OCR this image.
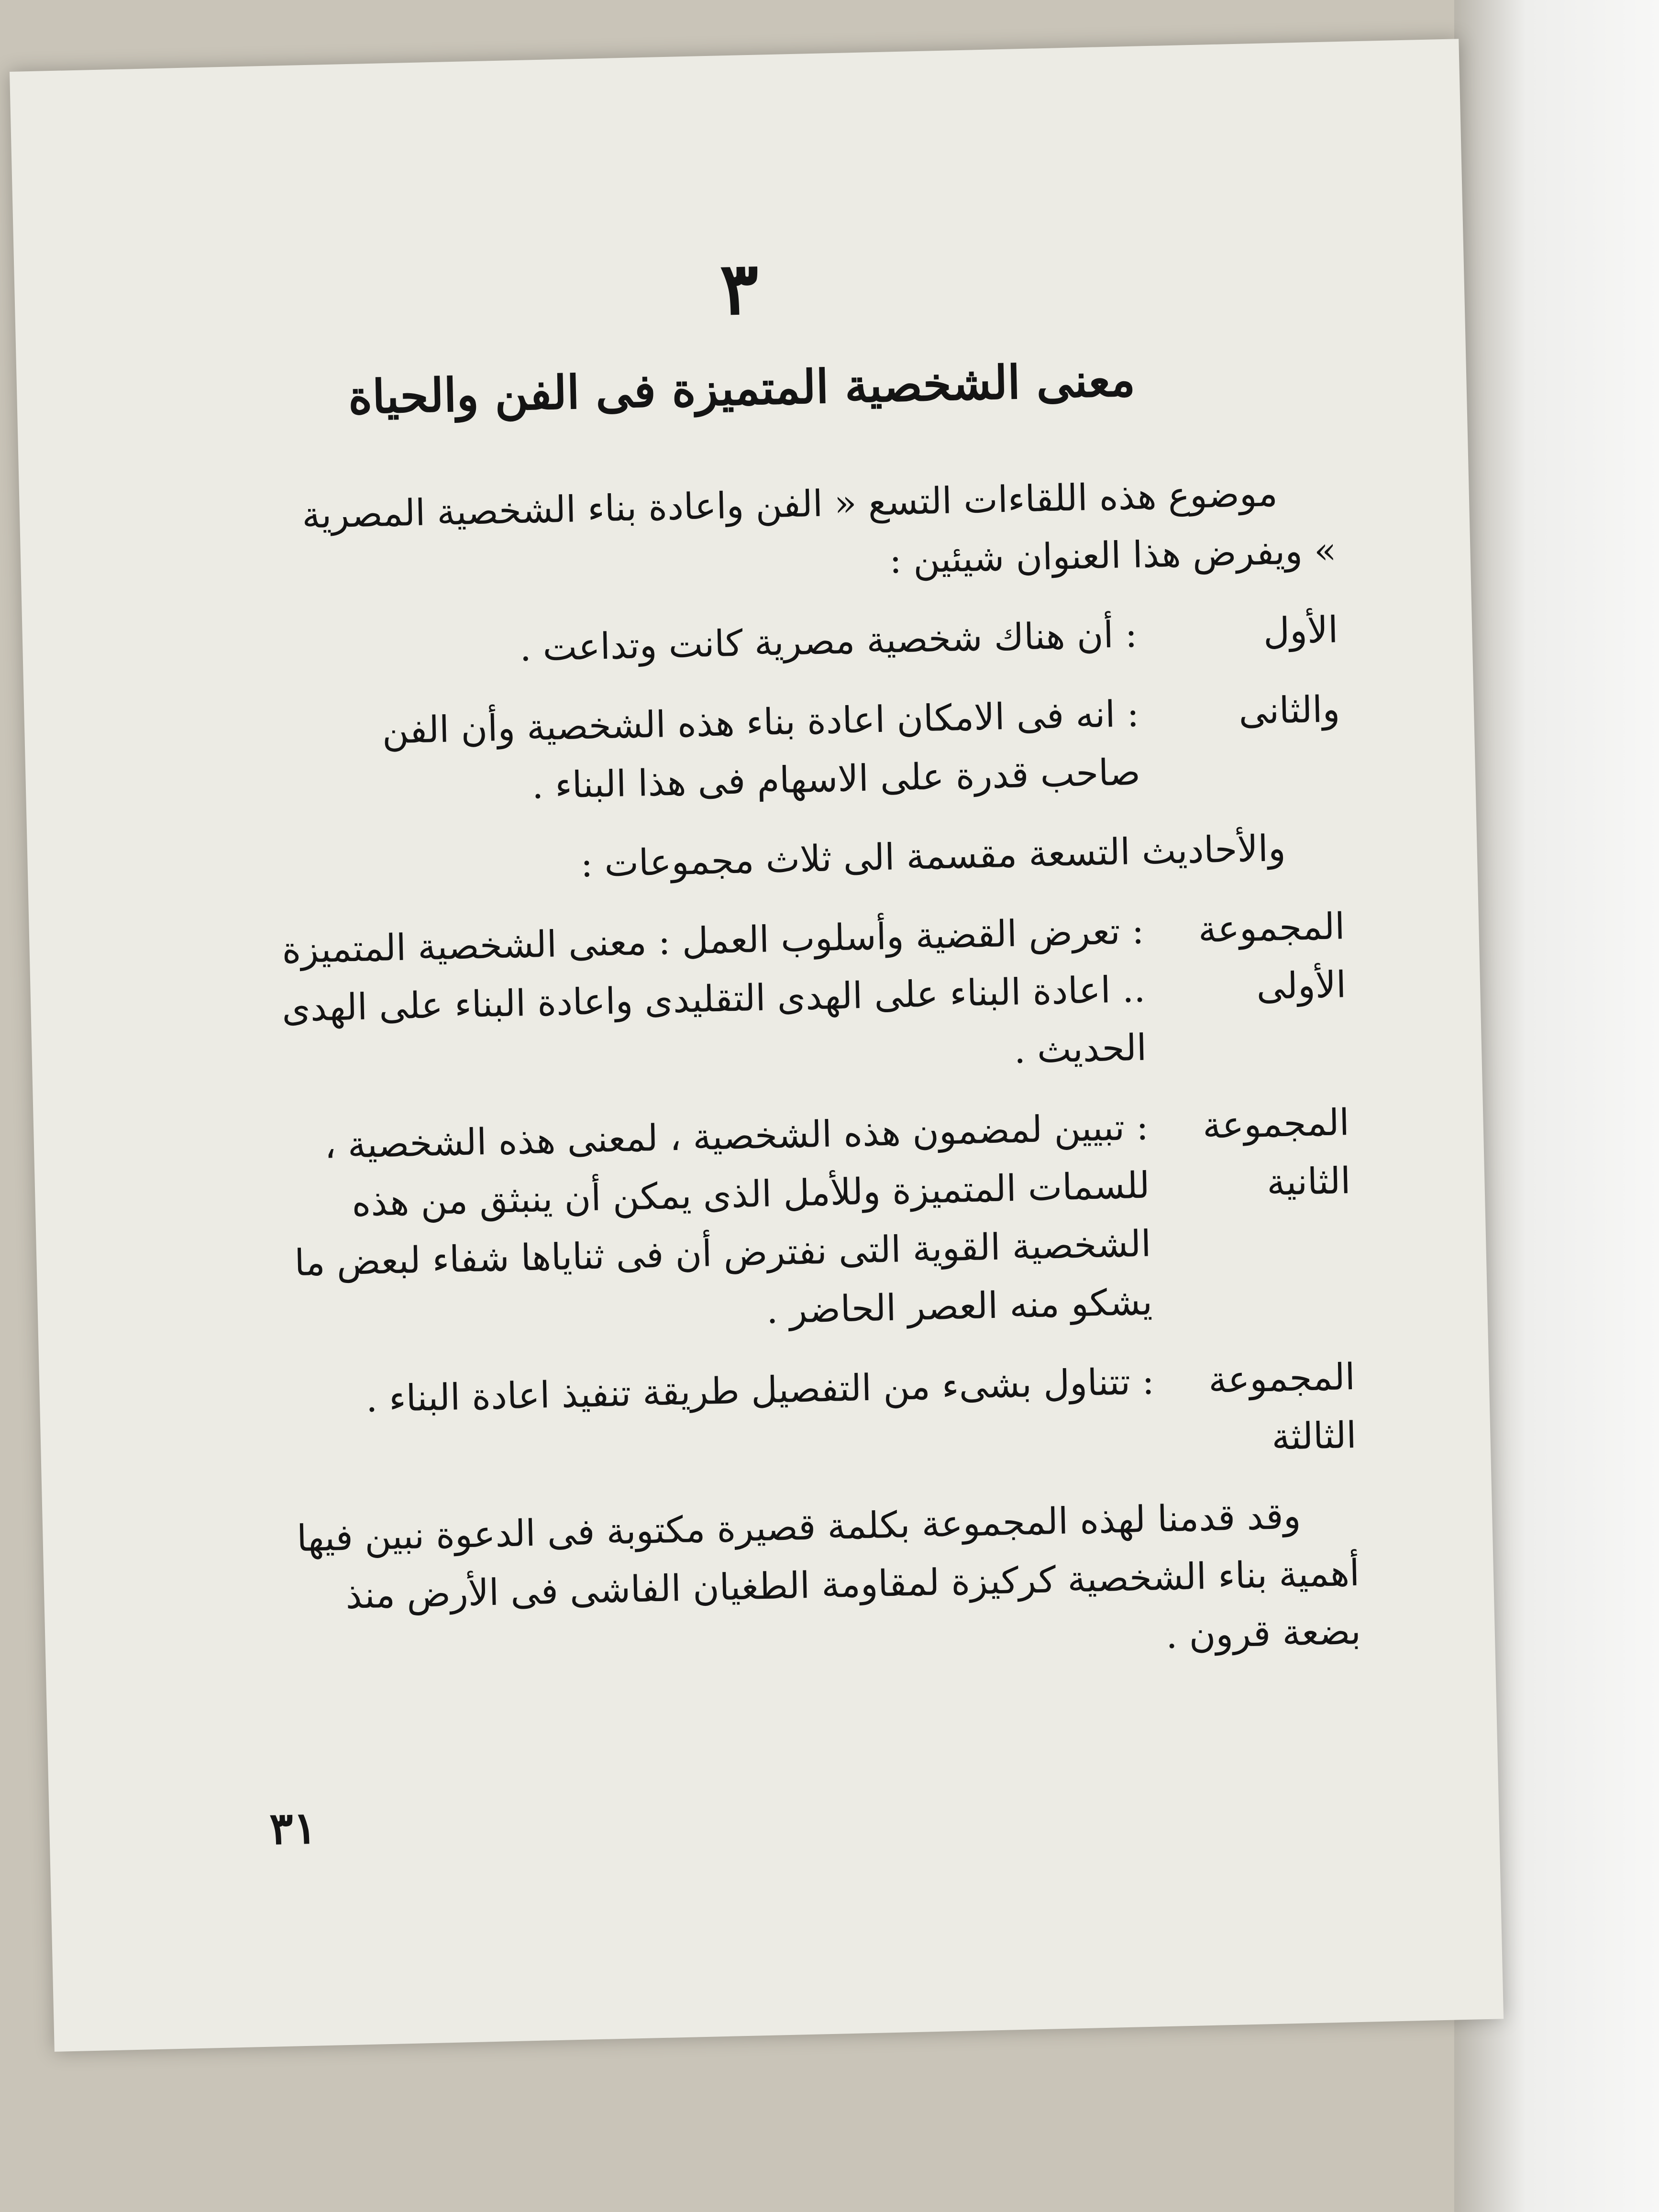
٣
معنى الشخصية المتميزة فى الفن والحياة

موضوع هذه اللقاءات التسع « الفن واعادة بناء الشخصية المصرية » ويفرض هذا العنوان شيئين :

الأول
: أن هناك شخصية مصرية كانت وتداعت .
والثانى
: انه فى الامكان اعادة بناء هذه الشخصية وأن الفن صاحب قدرة على الاسهام فى هذا البناء .

والأحاديث التسعة مقسمة الى ثلاث مجموعات :

المجموعة الأولى
: تعرض القضية وأسلوب العمل : معنى الشخصية المتميزة .. اعادة البناء على الهدى التقليدى واعادة البناء على الهدى الحديث .
المجموعة الثانية
: تبيين لمضمون هذه الشخصية ، لمعنى هذه الشخصية ، للسمات المتميزة وللأمل الذى يمكن أن ينبثق من هذه الشخصية القوية التى نفترض أن فى ثناياها شفاء لبعض ما يشكو منه العصر الحاضر .
المجموعة الثالثة
: تتناول بشىء من التفصيل طريقة تنفيذ اعادة البناء .

وقد قدمنا لهذه المجموعة بكلمة قصيرة مكتوبة فى الدعوة نبين فيها أهمية بناء الشخصية كركيزة لمقاومة الطغيان الفاشى فى الأرض منذ بضعة قرون .

٣١
